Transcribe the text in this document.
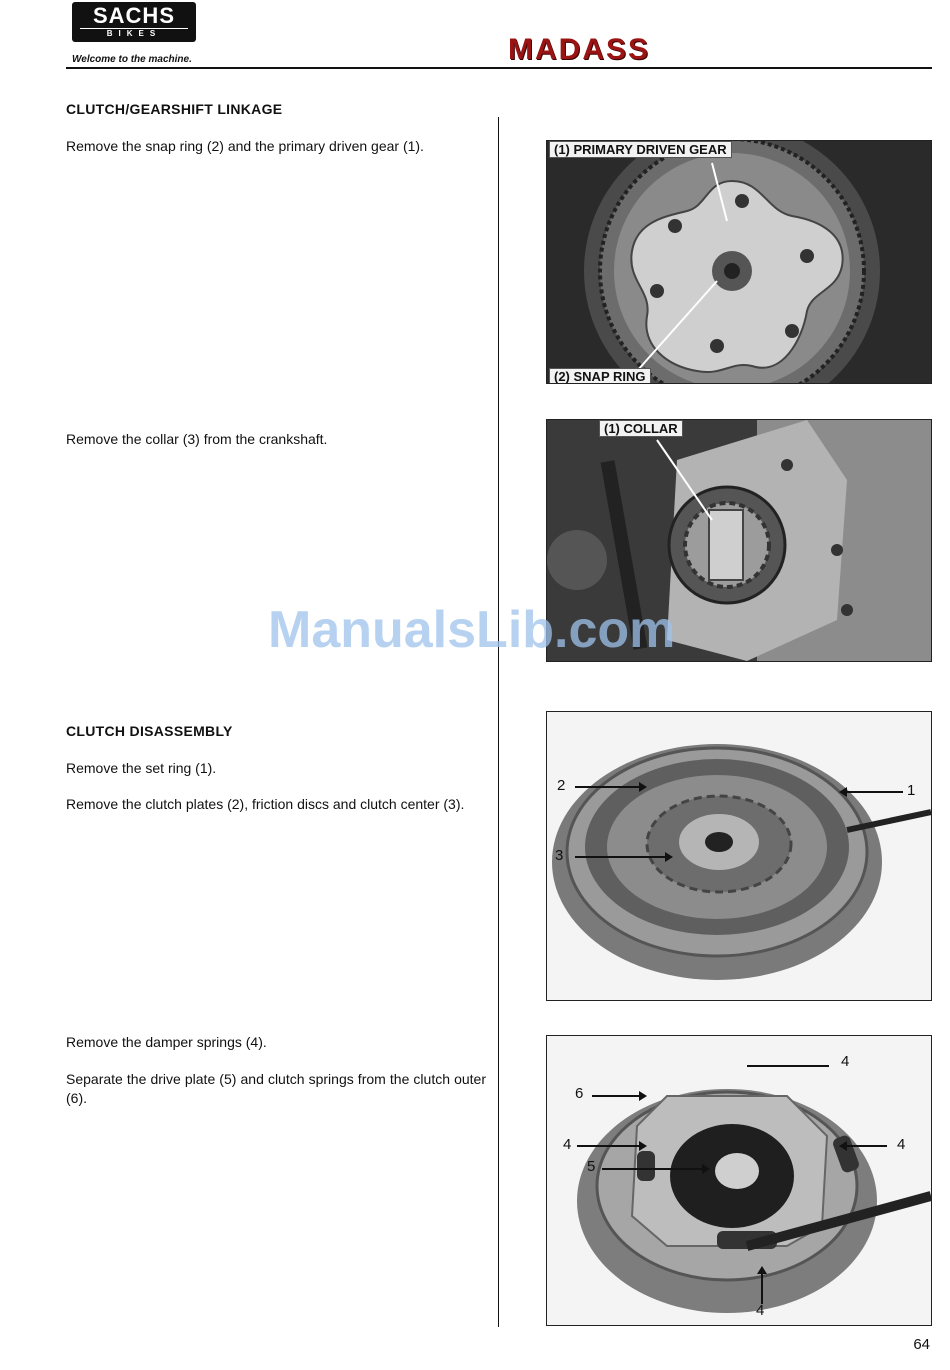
SACHS
BIKES
Welcome to the machine.	MADASS
CLUTCH/GEARSHIFT LINKAGE
Remove the snap ring (2) and the primary driven gear (1).
Remove the collar (3) from the crankshaft.
CLUTCH DISASSEMBLY
Remove the set ring (1).
Remove the clutch plates (2), friction discs and clutch center (3).
Remove the damper springs (4).
Separate the drive plate (5) and clutch springs from the clutch outer (6).
(1) PRIMARY DRIVEN GEAR
(2) SNAP RING
(1) COLLAR
2
3
1
4
6
4
5
4
4
ManualsLib.com
64
